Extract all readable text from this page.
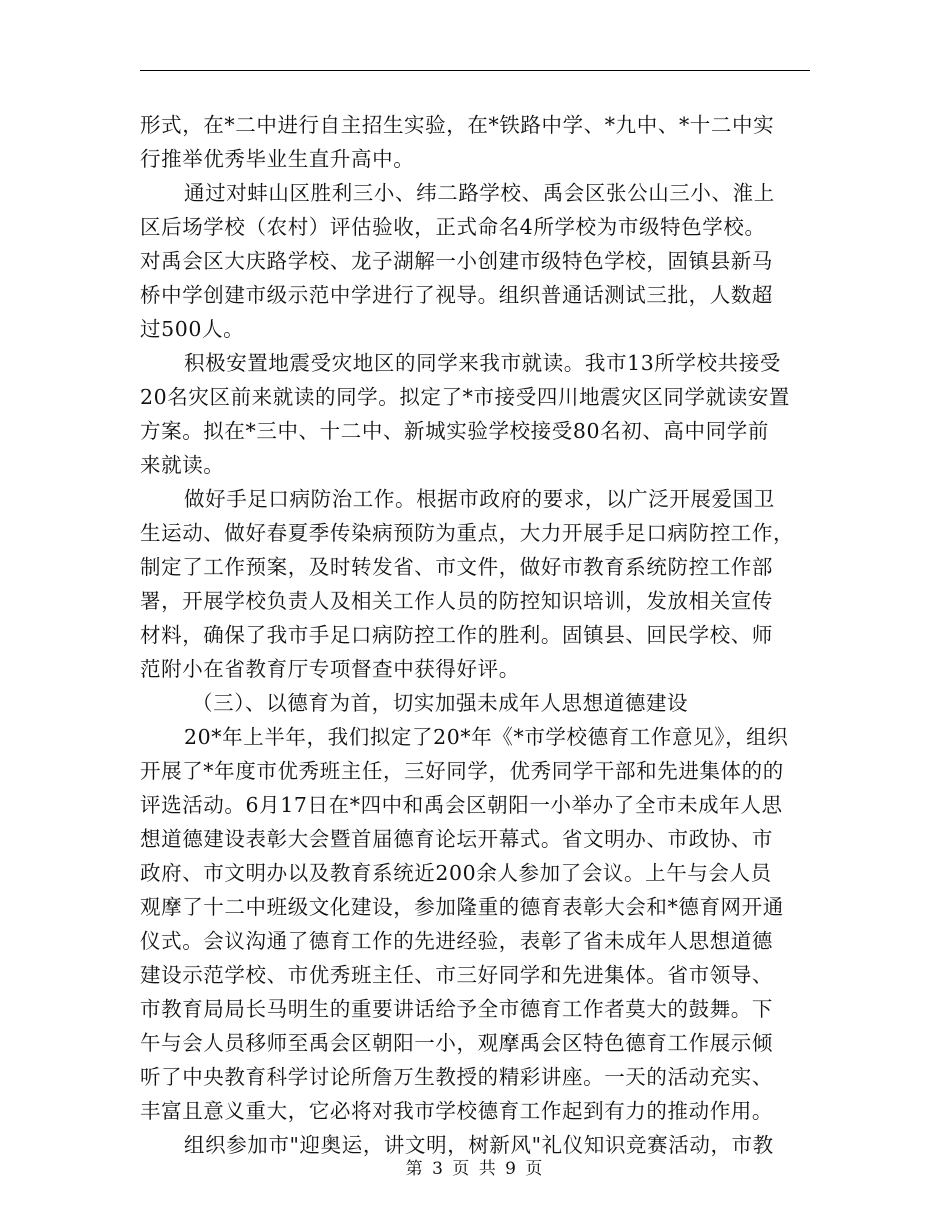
形式，在*二中进行自主招生实验，在*铁路中学、*九中、*十二中实
行推举优秀毕业生直升高中。
通过对蚌山区胜利三小、纬二路学校、禹会区张公山三小、淮上
区后场学校（农村）评估验收，正式命名4所学校为市级特色学校。
对禹会区大庆路学校、龙子湖解一小创建市级特色学校，固镇县新马
桥中学创建市级示范中学进行了视导。组织普通话测试三批，人数超
过500人。
积极安置地震受灾地区的同学来我市就读。我市13所学校共接受
20名灾区前来就读的同学。拟定了*市接受四川地震灾区同学就读安置
方案。拟在*三中、十二中、新城实验学校接受80名初、高中同学前
来就读。
做好手足口病防治工作。根据市政府的要求，以广泛开展爱国卫
生运动、做好春夏季传染病预防为重点，大力开展手足口病防控工作，
制定了工作预案，及时转发省、市文件，做好市教育系统防控工作部
署，开展学校负责人及相关工作人员的防控知识培训，发放相关宣传
材料，确保了我市手足口病防控工作的胜利。固镇县、回民学校、师
范附小在省教育厅专项督查中获得好评。
（三）、以德育为首，切实加强未成年人思想道德建设
20*年上半年，我们拟定了20*年《*市学校德育工作意见》，组织
开展了*年度市优秀班主任，三好同学，优秀同学干部和先进集体的的
评选活动。6月17日在*四中和禹会区朝阳一小举办了全市未成年人思
想道德建设表彰大会暨首届德育论坛开幕式。省文明办、市政协、市
政府、市文明办以及教育系统近200余人参加了会议。上午与会人员
观摩了十二中班级文化建设，参加隆重的德育表彰大会和*德育网开通
仪式。会议沟通了德育工作的先进经验，表彰了省未成年人思想道德
建设示范学校、市优秀班主任、市三好同学和先进集体。省市领导、
市教育局局长马明生的重要讲话给予全市德育工作者莫大的鼓舞。下
午与会人员移师至禹会区朝阳一小，观摩禹会区特色德育工作展示倾
听了中央教育科学讨论所詹万生教授的精彩讲座。一天的活动充实、
丰富且意义重大，它必将对我市学校德育工作起到有力的推动作用。
组织参加市"迎奥运，讲文明，树新风"礼仪知识竞赛活动，市教
第 3 页 共 9 页
